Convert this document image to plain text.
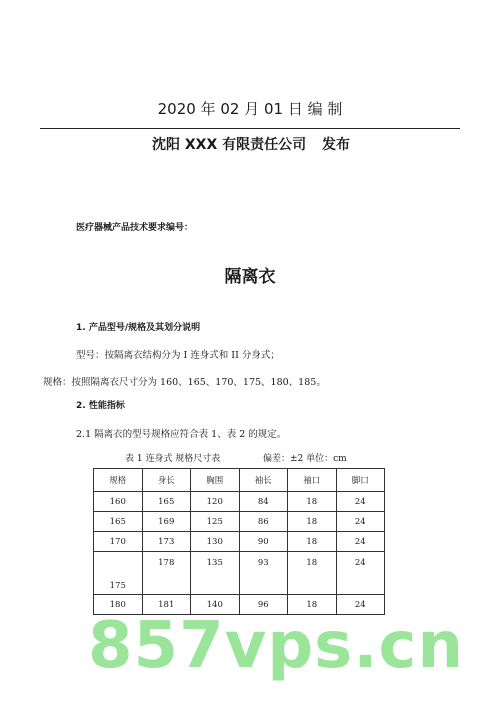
2020 年 02 月 01 日 编 制
沈阳 XXX 有限责任公司 发布
医疗器械产品技术要求编号：
隔离衣
1. 产品型号/规格及其划分说明
型号：按隔离衣结构分为 I 连身式和 II 分身式；
规格：按照隔离衣尺寸分为 160、165、170、175、180、185。
2. 性能指标
2.1 隔离衣的型号规格应符合表 1、表 2 的规定。
表 1 连身式 规格尺寸表	偏差：±2 单位：cm
规格	身长	胸围	袖长	袖口	脚口
160	165	120	84	18	24
165	169	125	86	18	24
170	173	130	90	18	24
175	178	135	93	18	24
180	181	140	96	18	24
857vps.cn
